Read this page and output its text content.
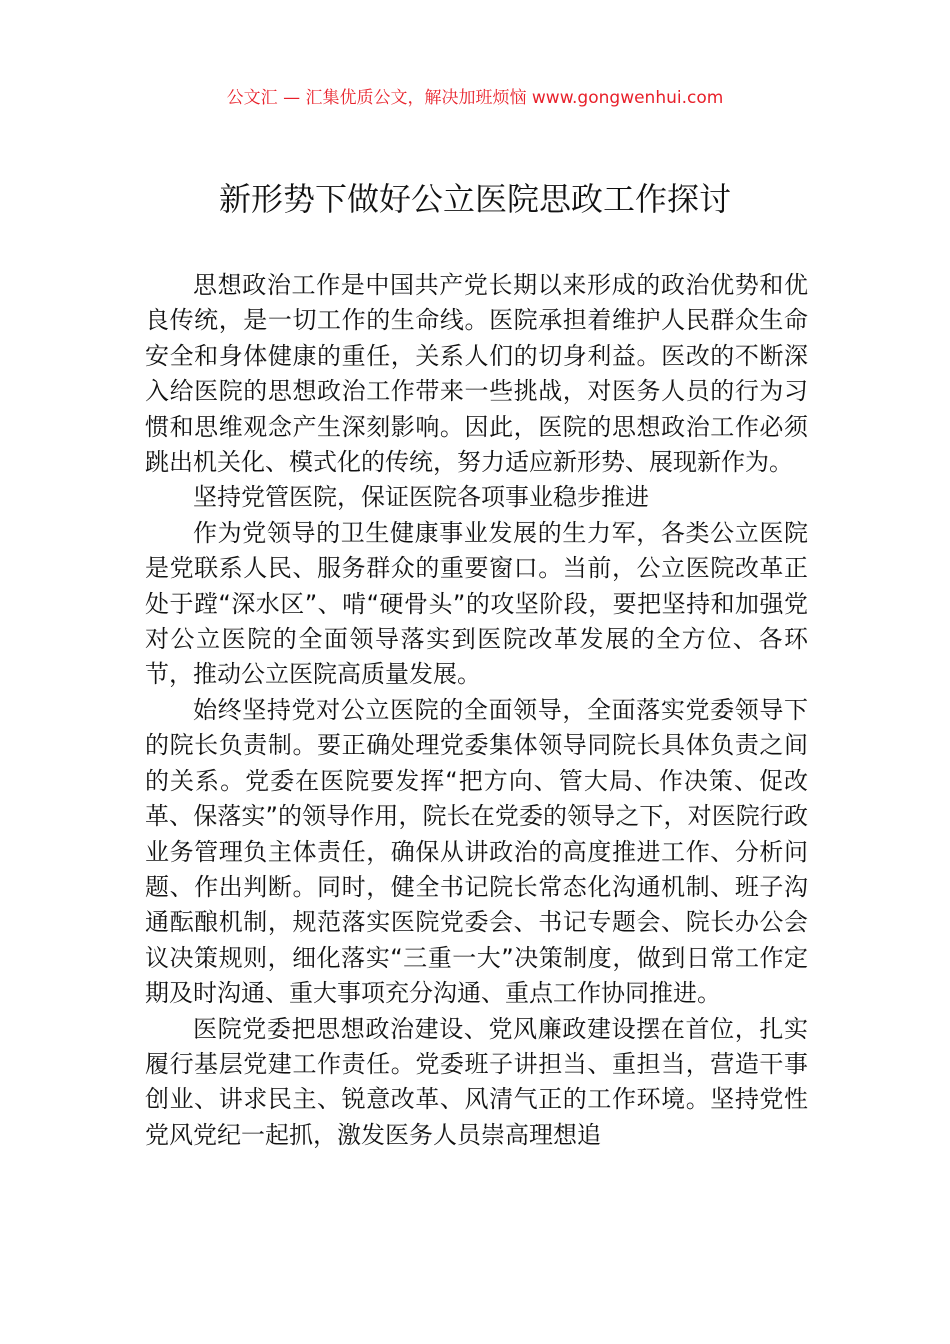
公文汇 — 汇集优质公文，解决加班烦恼 www.gongwenhui.com
新形势下做好公立医院思政工作探讨

思想政治工作是中国共产党长期以来形成的政治优势和优良传统，是一切工作的生命线。医院承担着维护人民群众生命安全和身体健康的重任，关系人们的切身利益。医改的不断深入给医院的思想政治工作带来一些挑战，对医务人员的行为习惯和思维观念产生深刻影响。因此，医院的思想政治工作必须跳出机关化、模式化的传统，努力适应新形势、展现新作为。

坚持党管医院，保证医院各项事业稳步推进

作为党领导的卫生健康事业发展的生力军，各类公立医院是党联系人民、服务群众的重要窗口。当前，公立医院改革正处于蹚“深水区”、啃“硬骨头”的攻坚阶段，要把坚持和加强党对公立医院的全面领导落实到医院改革发展的全方位、各环节，推动公立医院高质量发展。

始终坚持党对公立医院的全面领导，全面落实党委领导下的院长负责制。要正确处理党委集体领导同院长具体负责之间的关系。党委在医院要发挥“把方向、管大局、作决策、促改革、保落实”的领导作用，院长在党委的领导之下，对医院行政业务管理负主体责任，确保从讲政治的高度推进工作、分析问题、作出判断。同时，健全书记院长常态化沟通机制、班子沟通酝酿机制，规范落实医院党委会、书记专题会、院长办公会议决策规则，细化落实“三重一大”决策制度，做到日常工作定期及时沟通、重大事项充分沟通、重点工作协同推进。

医院党委把思想政治建设、党风廉政建设摆在首位，扎实履行基层党建工作责任。党委班子讲担当、重担当，营造干事创业、讲求民主、锐意改革、风清气正的工作环境。坚持党性党风党纪一起抓，激发医务人员崇高理想追
